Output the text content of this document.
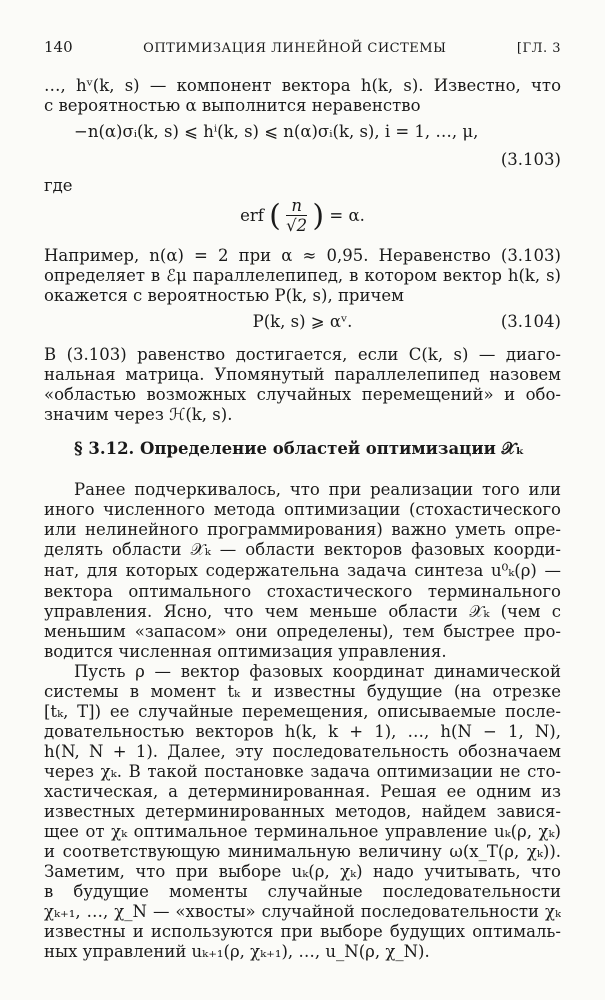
140	ОПТИМИЗАЦИЯ ЛИНЕЙНОЙ СИСТЕМЫ	[ГЛ. 3
…, hᵛ(k, s) — компонент вектора h(k, s). Известно, что
с вероятностью α выполнится неравенство
−n(α)σᵢ(k, s) ⩽ hⁱ(k, s) ⩽ n(α)σᵢ(k, s), i = 1, …, μ,
(3.103)
где
erf ( $\frac{n}{√2}$ ) = α.
Например, n(α) = 2 при α ≈ 0,95. Неравенство (3.103)
определяет в ℰμ параллелепипед, в котором вектор h(k, s)
окажется с вероятностью P(k, s), причем
P(k, s) ⩾ αᵛ.	(3.104)
В (3.103) равенство достигается, если C(k, s) — диаго-
нальная матрица. Упомянутый параллелепипед назовем
«областью возможных случайных перемещений» и обо-
значим через ℋ(k, s).
§ 3.12. Определение областей оптимизации 𝒳ₖ
Ранее подчеркивалось, что при реализации того или
иного численного метода оптимизации (стохастического
или нелинейного программирования) важно уметь опре-
делять области 𝒳ₖ — области векторов фазовых коорди-
нат, для которых содержательна задача синтеза u⁰ₖ(ρ) —
вектора оптимального стохастического терминального
управления. Ясно, что чем меньше области 𝒳ₖ (чем с
меньшим «запасом» они определены), тем быстрее про-
водится численная оптимизация управления.
Пусть ρ — вектор фазовых координат динамической
системы в момент tₖ и известны будущие (на отрезке
[tₖ, T]) ее случайные перемещения, описываемые после-
довательностью векторов h(k, k + 1), …, h(N − 1, N),
h(N, N + 1). Далее, эту последовательность обозначаем
через χₖ. В такой постановке задача оптимизации не сто-
хастическая, а детерминированная. Решая ее одним из
известных детерминированных методов, найдем завися-
щее от χₖ оптимальное терминальное управление uₖ(ρ, χₖ)
и соответствующую минимальную величину ω(x_T(ρ, χₖ)).
Заметим, что при выборе uₖ(ρ, χₖ) надо учитывать, что
в будущие моменты случайные последовательности
χₖ₊₁, …, χ_N — «хвосты» случайной последовательности χₖ
известны и используются при выборе будущих оптималь-
ных управлений uₖ₊₁(ρ, χₖ₊₁), …, u_N(ρ, χ_N).
